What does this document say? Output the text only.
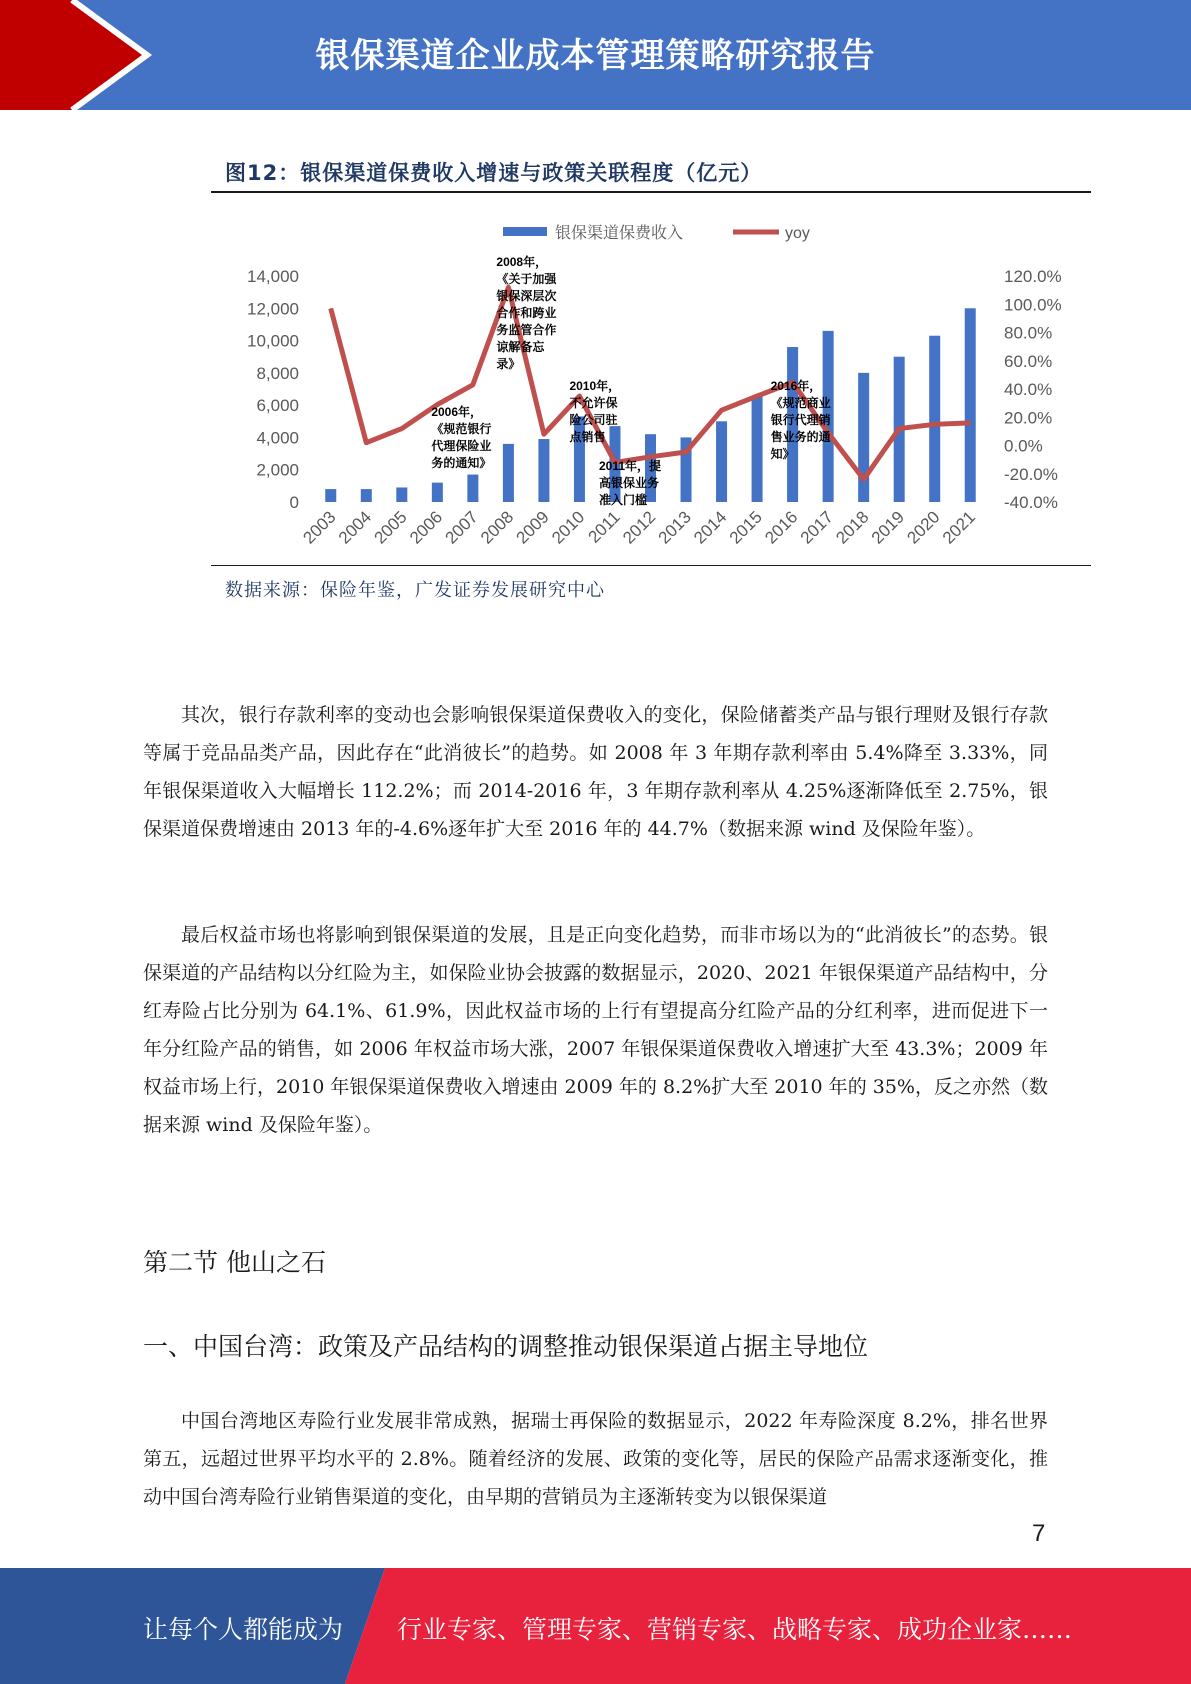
银保渠道企业成本管理策略研究报告
图12：银保渠道保费收入增速与政策关联程度（亿元）
银保渠道保费收入	yoy
0
2,000
4,000
6,000
8,000
10,000
12,000
14,000
-40.0%
-20.0%
0.0%
20.0%
40.0%
60.0%
80.0%
100.0%
120.0%
2003
2004
2005
2006
2007
2008
2009
2010
2011
2012
2013
2014
2015
2016
2017
2018
2019
2020
2021
2006年，
《规范银行
代理保险业
务的通知》
2008年，
《关于加强
银保深层次
合作和跨业
务监管合作
谅解备忘
录》
2010年，
不允许保
险公司驻
点销售
2011年，提
高银保业务
准入门槛
2016年，
《规范商业
银行代理销
售业务的通
知》
数据来源：保险年鉴，广发证券发展研究中心

其次，银行存款利率的变动也会影响银保渠道保费收入的变化，保险储蓄类产品与银行理财及银行存款等属于竞品品类产品，因此存在“此消彼长”的趋势。如 2008 年 3 年期存款利率由 5.4%降至 3.33%，同年银保渠道收入大幅增长 112.2%；而 2014-2016 年，3 年期存款利率从 4.25%逐渐降低至 2.75%，银保渠道保费增速由 2013 年的-4.6%逐年扩大至 2016 年的 44.7%（数据来源 wind 及保险年鉴）。

最后权益市场也将影响到银保渠道的发展，且是正向变化趋势，而非市场以为的“此消彼长”的态势。银保渠道的产品结构以分红险为主，如保险业协会披露的数据显示，2020、2021 年银保渠道产品结构中，分红寿险占比分别为 64.1%、61.9%，因此权益市场的上行有望提高分红险产品的分红利率，进而促进下一年分红险产品的销售，如 2006 年权益市场大涨，2007 年银保渠道保费收入增速扩大至 43.3%；2009 年权益市场上行，2010 年银保渠道保费收入增速由 2009 年的 8.2%扩大至 2010 年的 35%，反之亦然（数据来源 wind 及保险年鉴）。

第二节 他山之石
一、中国台湾：政策及产品结构的调整推动银保渠道占据主导地位

中国台湾地区寿险行业发展非常成熟，据瑞士再保险的数据显示，2022 年寿险深度 8.2%，排名世界第五，远超过世界平均水平的 2.8%。随着经济的发展、政策的变化等，居民的保险产品需求逐渐变化，推动中国台湾寿险行业销售渠道的变化，由早期的营销员为主逐渐转变为以银保渠道

7
让每个人都能成为 行业专家、管理专家、营销专家、战略专家、成功企业家……
